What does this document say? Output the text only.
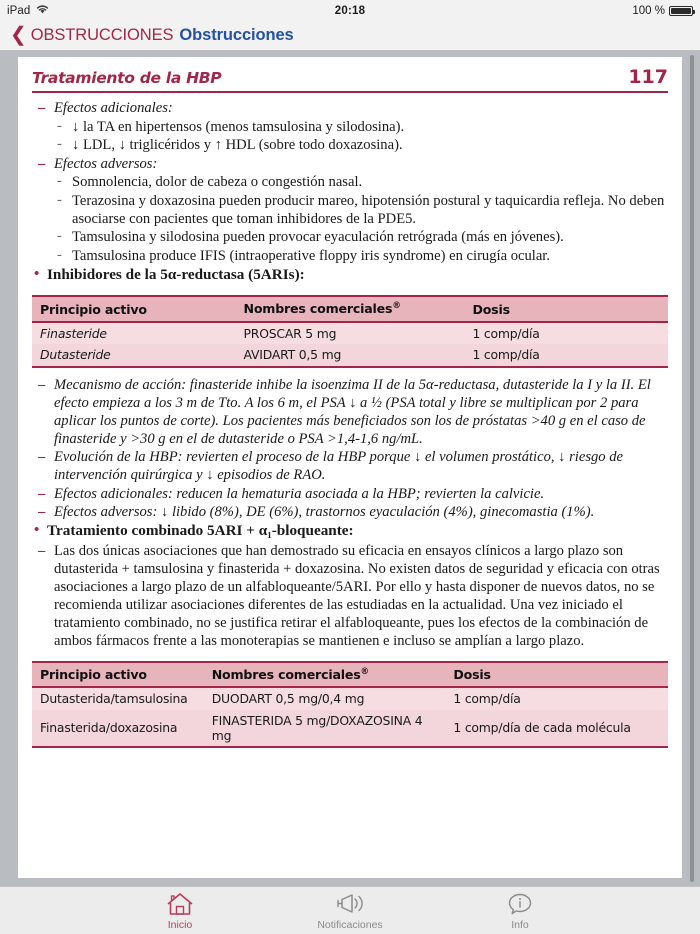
iPad	20:18	100 %
❮ OBSTRUCCIONES Obstrucciones
Tratamiento de la HBP	117
– Efectos adicionales:
- ↓ la TA en hipertensos (menos tamsulosina y silodosina).
- ↓ LDL, ↓ triglicéridos y ↑ HDL (sobre todo doxazosina).
– Efectos adversos:
- Somnolencia, dolor de cabeza o congestión nasal.
- Terazosina y doxazosina pueden producir mareo, hipotensión postural y taquicardia refleja. No deben asociarse con pacientes que toman inhibidores de la PDE5.
- Tamsulosina y silodosina pueden provocar eyaculación retrógrada (más en jóvenes).
- Tamsulosina produce IFIS (intraoperative floppy iris syndrome) en cirugía ocular.
• Inhibidores de la 5α-reductasa (5ARIs):
Principio activo	Nombres comerciales®	Dosis
Finasteride	PROSCAR 5 mg	1 comp/día
Dutasteride	AVIDART 0,5 mg	1 comp/día
– Mecanismo de acción: finasteride inhibe la isoenzima II de la 5α-reductasa, dutasteride la I y la II. El efecto empieza a los 3 m de Tto. A los 6 m, el PSA ↓ a ½ (PSA total y libre se multiplican por 2 para aplicar los puntos de corte). Los pacientes más beneficiados son los de próstatas >40 g en el caso de finasteride y >30 g en el de dutasteride o PSA >1,4-1,6 ng/mL.
– Evolución de la HBP: revierten el proceso de la HBP porque ↓ el volumen prostático, ↓ riesgo de intervención quirúrgica y ↓ episodios de RAO.
– Efectos adicionales: reducen la hematuria asociada a la HBP; revierten la calvicie.
– Efectos adversos: ↓ libido (8%), DE (6%), trastornos eyaculación (4%), ginecomastia (1%).
• Tratamiento combinado 5ARI + α₁-bloqueante:
– Las dos únicas asociaciones que han demostrado su eficacia en ensayos clínicos a largo plazo son dutasterida + tamsulosina y finasterida + doxazosina. No existen datos de seguridad y eficacia con otras asociaciones a largo plazo de un alfabloqueante/5ARI. Por ello y hasta disponer de nuevos datos, no se recomienda utilizar asociaciones diferentes de las estudiadas en la actualidad. Una vez iniciado el tratamiento combinado, no se justifica retirar el alfabloqueante, pues los efectos de la combinación de ambos fármacos frente a las monoterapias se mantienen e incluso se amplían a largo plazo.
Principio activo	Nombres comerciales®	Dosis
Dutasterida/tamsulosina	DUODART 0,5 mg/0,4 mg	1 comp/día
Finasterida/doxazosina	FINASTERIDA 5 mg/DOXAZOSINA 4 mg	1 comp/día de cada molécula
Inicio	Notificaciones	Info
